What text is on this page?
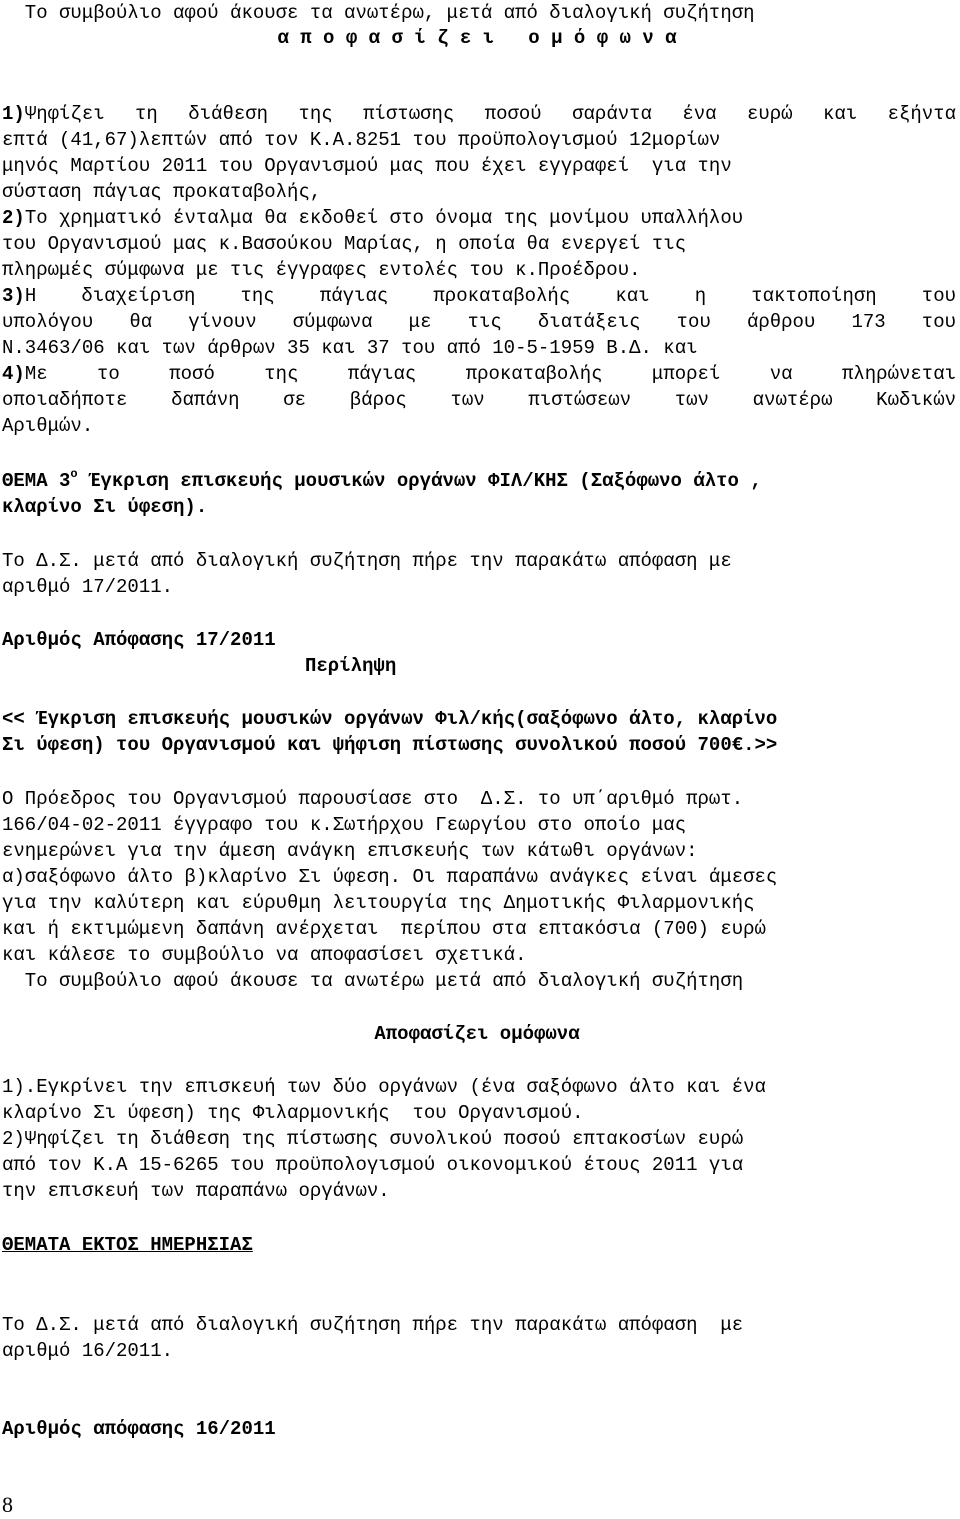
Το συμβούλιο αφού άκουσε τα ανωτέρω, μετά από διαλογική συζήτηση

α π ο φ α σ ί ζ ε ι   ο μ ό φ ω ν α

1)Ψηφίζει τη διάθεση της πίστωσης ποσού σαράντα ένα ευρώ και εξήντα

επτά (41,67)λεπτών από τον Κ.Α.8251 του προϋπολογισμού 12μορίων

μηνός Μαρτίου 2011 του Οργανισμού μας που έχει εγγραφεί  για την

σύσταση πάγιας προκαταβολής,

2)Το χρηματικό ένταλμα θα εκδοθεί στο όνομα της μονίμου υπαλλήλου

του Οργανισμού μας κ.Βασούκου Μαρίας, η οποία θα ενεργεί τις

πληρωμές σύμφωνα με τις έγγραφες εντολές του κ.Προέδρου.

3)Η διαχείριση της πάγιας προκαταβολής και η τακτοποίηση του

υπολόγου θα γίνουν σύμφωνα με τις διατάξεις του άρθρου 173 του

Ν.3463/06 και των άρθρων 35 και 37 του από 10-5-1959 Β.Δ. και

4)Με το ποσό της πάγιας προκαταβολής μπορεί να πληρώνεται

οποιαδήποτε δαπάνη σε βάρος των πιστώσεων των ανωτέρω Κωδικών

Αριθμών.

ΘΕΜΑ $3^o$ Έγκριση επισκευής μουσικών οργάνων ΦΙΛ/ΚΗΣ (Σαξόφωνο άλτο ,

κλαρίνο Σι ύφεση).

Το Δ.Σ. μετά από διαλογική συζήτηση πήρε την παρακάτω απόφαση με

αριθμό 17/2011.

Αριθμός Απόφασης 17/2011

Περίληψη

<< Έγκριση επισκευής μουσικών οργάνων Φιλ/κής(σαξόφωνο άλτο, κλαρίνο

Σι ύφεση) του Οργανισμού και ψήφιση πίστωσης συνολικού ποσού 700€.>>

Ο Πρόεδρος του Οργανισμού παρουσίασε στο  Δ.Σ. το υπ΄αριθμό πρωτ.

166/04-02-2011 έγγραφο του κ.Σωτήρχου Γεωργίου στο οποίο μας

ενημερώνει για την άμεση ανάγκη επισκευής των κάτωθι οργάνων:

α)σαξόφωνο άλτο β)κλαρίνο Σι ύφεση. Οι παραπάνω ανάγκες είναι άμεσες

για την καλύτερη και εύρυθμη λειτουργία της Δημοτικής Φιλαρμονικής

και ή εκτιμώμενη δαπάνη ανέρχεται  περίπου στα επτακόσια (700) ευρώ

και κάλεσε το συμβούλιο να αποφασίσει σχετικά.

Το συμβούλιο αφού άκουσε τα ανωτέρω μετά από διαλογική συζήτηση

Αποφασίζει ομόφωνα

1).Εγκρίνει την επισκευή των δύο οργάνων (ένα σαξόφωνο άλτο και ένα

κλαρίνο Σι ύφεση) της Φιλαρμονικής  του Οργανισμού.

2)Ψηφίζει τη διάθεση της πίστωσης συνολικού ποσού επτακοσίων ευρώ

από τον Κ.Α 15-6265 του προϋπολογισμού οικονομικού έτους 2011 για

την επισκευή των παραπάνω οργάνων.

ΘΕΜΑΤΑ ΕΚΤΟΣ ΗΜΕΡΗΣΙΑΣ

Το Δ.Σ. μετά από διαλογική συζήτηση πήρε την παρακάτω απόφαση  με

αριθμό 16/2011.

Αριθμός απόφασης 16/2011

8
